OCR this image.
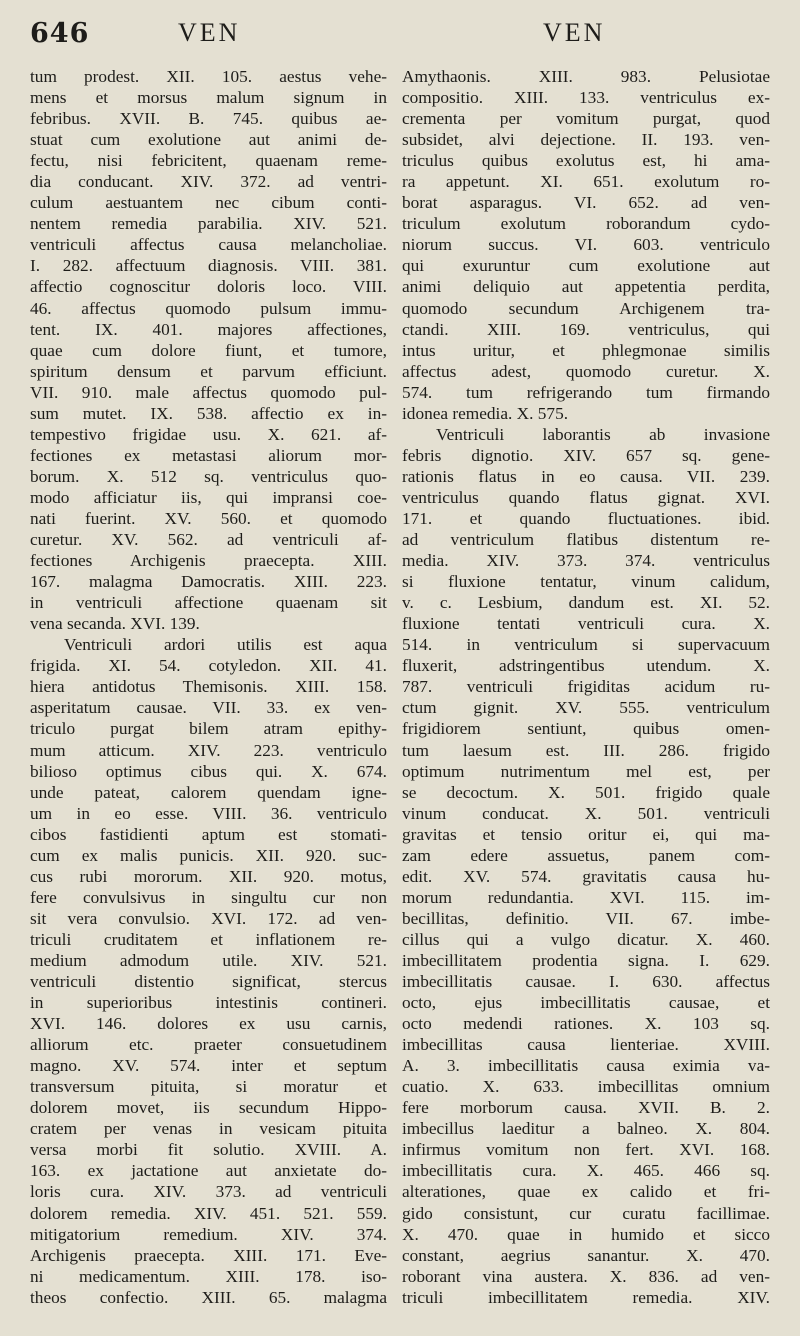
646	VEN	VEN
tum prodest. XII. 105. aestus vehe-
mens et morsus malum signum in
febribus. XVII. B. 745. quibus ae-
stuat cum exolutione aut animi de-
fectu, nisi febricitent, quaenam reme-
dia conducant. XIV. 372. ad ventri-
culum aestuantem nec cibum conti-
nentem remedia parabilia. XIV. 521.
ventriculi affectus causa melancholiae.
I. 282. affectuum diagnosis. VIII. 381.
affectio cognoscitur doloris loco. VIII.
46. affectus quomodo pulsum immu-
tent. IX. 401. majores affectiones,
quae cum dolore fiunt, et tumore,
spiritum densum et parvum efficiunt.
VII. 910. male affectus quomodo pul-
sum mutet. IX. 538. affectio ex in-
tempestivo frigidae usu. X. 621. af-
fectiones ex metastasi aliorum mor-
borum. X. 512 sq. ventriculus quo-
modo afficiatur iis, qui impransi coe-
nati fuerint. XV. 560. et quomodo
curetur. XV. 562. ad ventriculi af-
fectiones Archigenis praecepta. XIII.
167. malagma Damocratis. XIII. 223.
in ventriculi affectione quaenam sit
vena secanda. XVI. 139.
Ventriculi ardori utilis est aqua
frigida. XI. 54. cotyledon. XII. 41.
hiera antidotus Themisonis. XIII. 158.
asperitatum causae. VII. 33. ex ven-
triculo purgat bilem atram epithy-
mum atticum. XIV. 223. ventriculo
bilioso optimus cibus qui. X. 674.
unde pateat, calorem quendam igne-
um in eo esse. VIII. 36. ventriculo
cibos fastidienti aptum est stomati-
cum ex malis punicis. XII. 920. suc-
cus rubi mororum. XII. 920. motus,
fere convulsivus in singultu cur non
sit vera convulsio. XVI. 172. ad ven-
triculi cruditatem et inflationem re-
medium admodum utile. XIV. 521.
ventriculi distentio significat, stercus
in superioribus intestinis contineri.
XVI. 146. dolores ex usu carnis,
alliorum etc. praeter consuetudinem
magno. XV. 574. inter et septum
transversum pituita, si moratur et
dolorem movet, iis secundum Hippo-
cratem per venas in vesicam pituita
versa morbi fit solutio. XVIII. A.
163. ex jactatione aut anxietate do-
loris cura. XIV. 373. ad ventriculi
dolorem remedia. XIV. 451. 521. 559.
mitigatorium remedium. XIV. 374.
Archigenis praecepta. XIII. 171. Eve-
ni medicamentum. XIII. 178. iso-
theos confectio. XIII. 65. malagma
Amythaonis. XIII. 983. Pelusiotae
compositio. XIII. 133. ventriculus ex-
crementa per vomitum purgat, quod
subsidet, alvi dejectione. II. 193. ven-
triculus quibus exolutus est, hi ama-
ra appetunt. XI. 651. exolutum ro-
borat asparagus. VI. 652. ad ven-
triculum exolutum roborandum cydo-
niorum succus. VI. 603. ventriculo
qui exuruntur cum exolutione aut
animi deliquio aut appetentia perdita,
quomodo secundum Archigenem tra-
ctandi. XIII. 169. ventriculus, qui
intus uritur, et phlegmonae similis
affectus adest, quomodo curetur. X.
574. tum refrigerando tum firmando
idonea remedia. X. 575.
Ventriculi laborantis ab invasione
febris dignotio. XIV. 657 sq. gene-
rationis flatus in eo causa. VII. 239.
ventriculus quando flatus gignat. XVI.
171. et quando fluctuationes. ibid.
ad ventriculum flatibus distentum re-
media. XIV. 373. 374. ventriculus
si fluxione tentatur, vinum calidum,
v. c. Lesbium, dandum est. XI. 52.
fluxione tentati ventriculi cura. X.
514. in ventriculum si supervacuum
fluxerit, adstringentibus utendum. X.
787. ventriculi frigiditas acidum ru-
ctum gignit. XV. 555. ventriculum
frigidiorem sentiunt, quibus omen-
tum laesum est. III. 286. frigido
optimum nutrimentum mel est, per
se decoctum. X. 501. frigido quale
vinum conducat. X. 501. ventriculi
gravitas et tensio oritur ei, qui ma-
zam edere assuetus, panem com-
edit. XV. 574. gravitatis causa hu-
morum redundantia. XVI. 115. im-
becillitas, definitio. VII. 67. imbe-
cillus qui a vulgo dicatur. X. 460.
imbecillitatem prodentia signa. I. 629.
imbecillitatis causae. I. 630. affectus
octo, ejus imbecillitatis causae, et
octo medendi rationes. X. 103 sq.
imbecillitas causa lienteriae. XVIII.
A. 3. imbecillitatis causa eximia va-
cuatio. X. 633. imbecillitas omnium
fere morborum causa. XVII. B. 2.
imbecillus laeditur a balneo. X. 804.
infirmus vomitum non fert. XVI. 168.
imbecillitatis cura. X. 465. 466 sq.
alterationes, quae ex calido et fri-
gido consistunt, cur curatu facillimae.
X. 470. quae in humido et sicco
constant, aegrius sanantur. X. 470.
roborant vina austera. X. 836. ad ven-
triculi imbecillitatem remedia. XIV.
